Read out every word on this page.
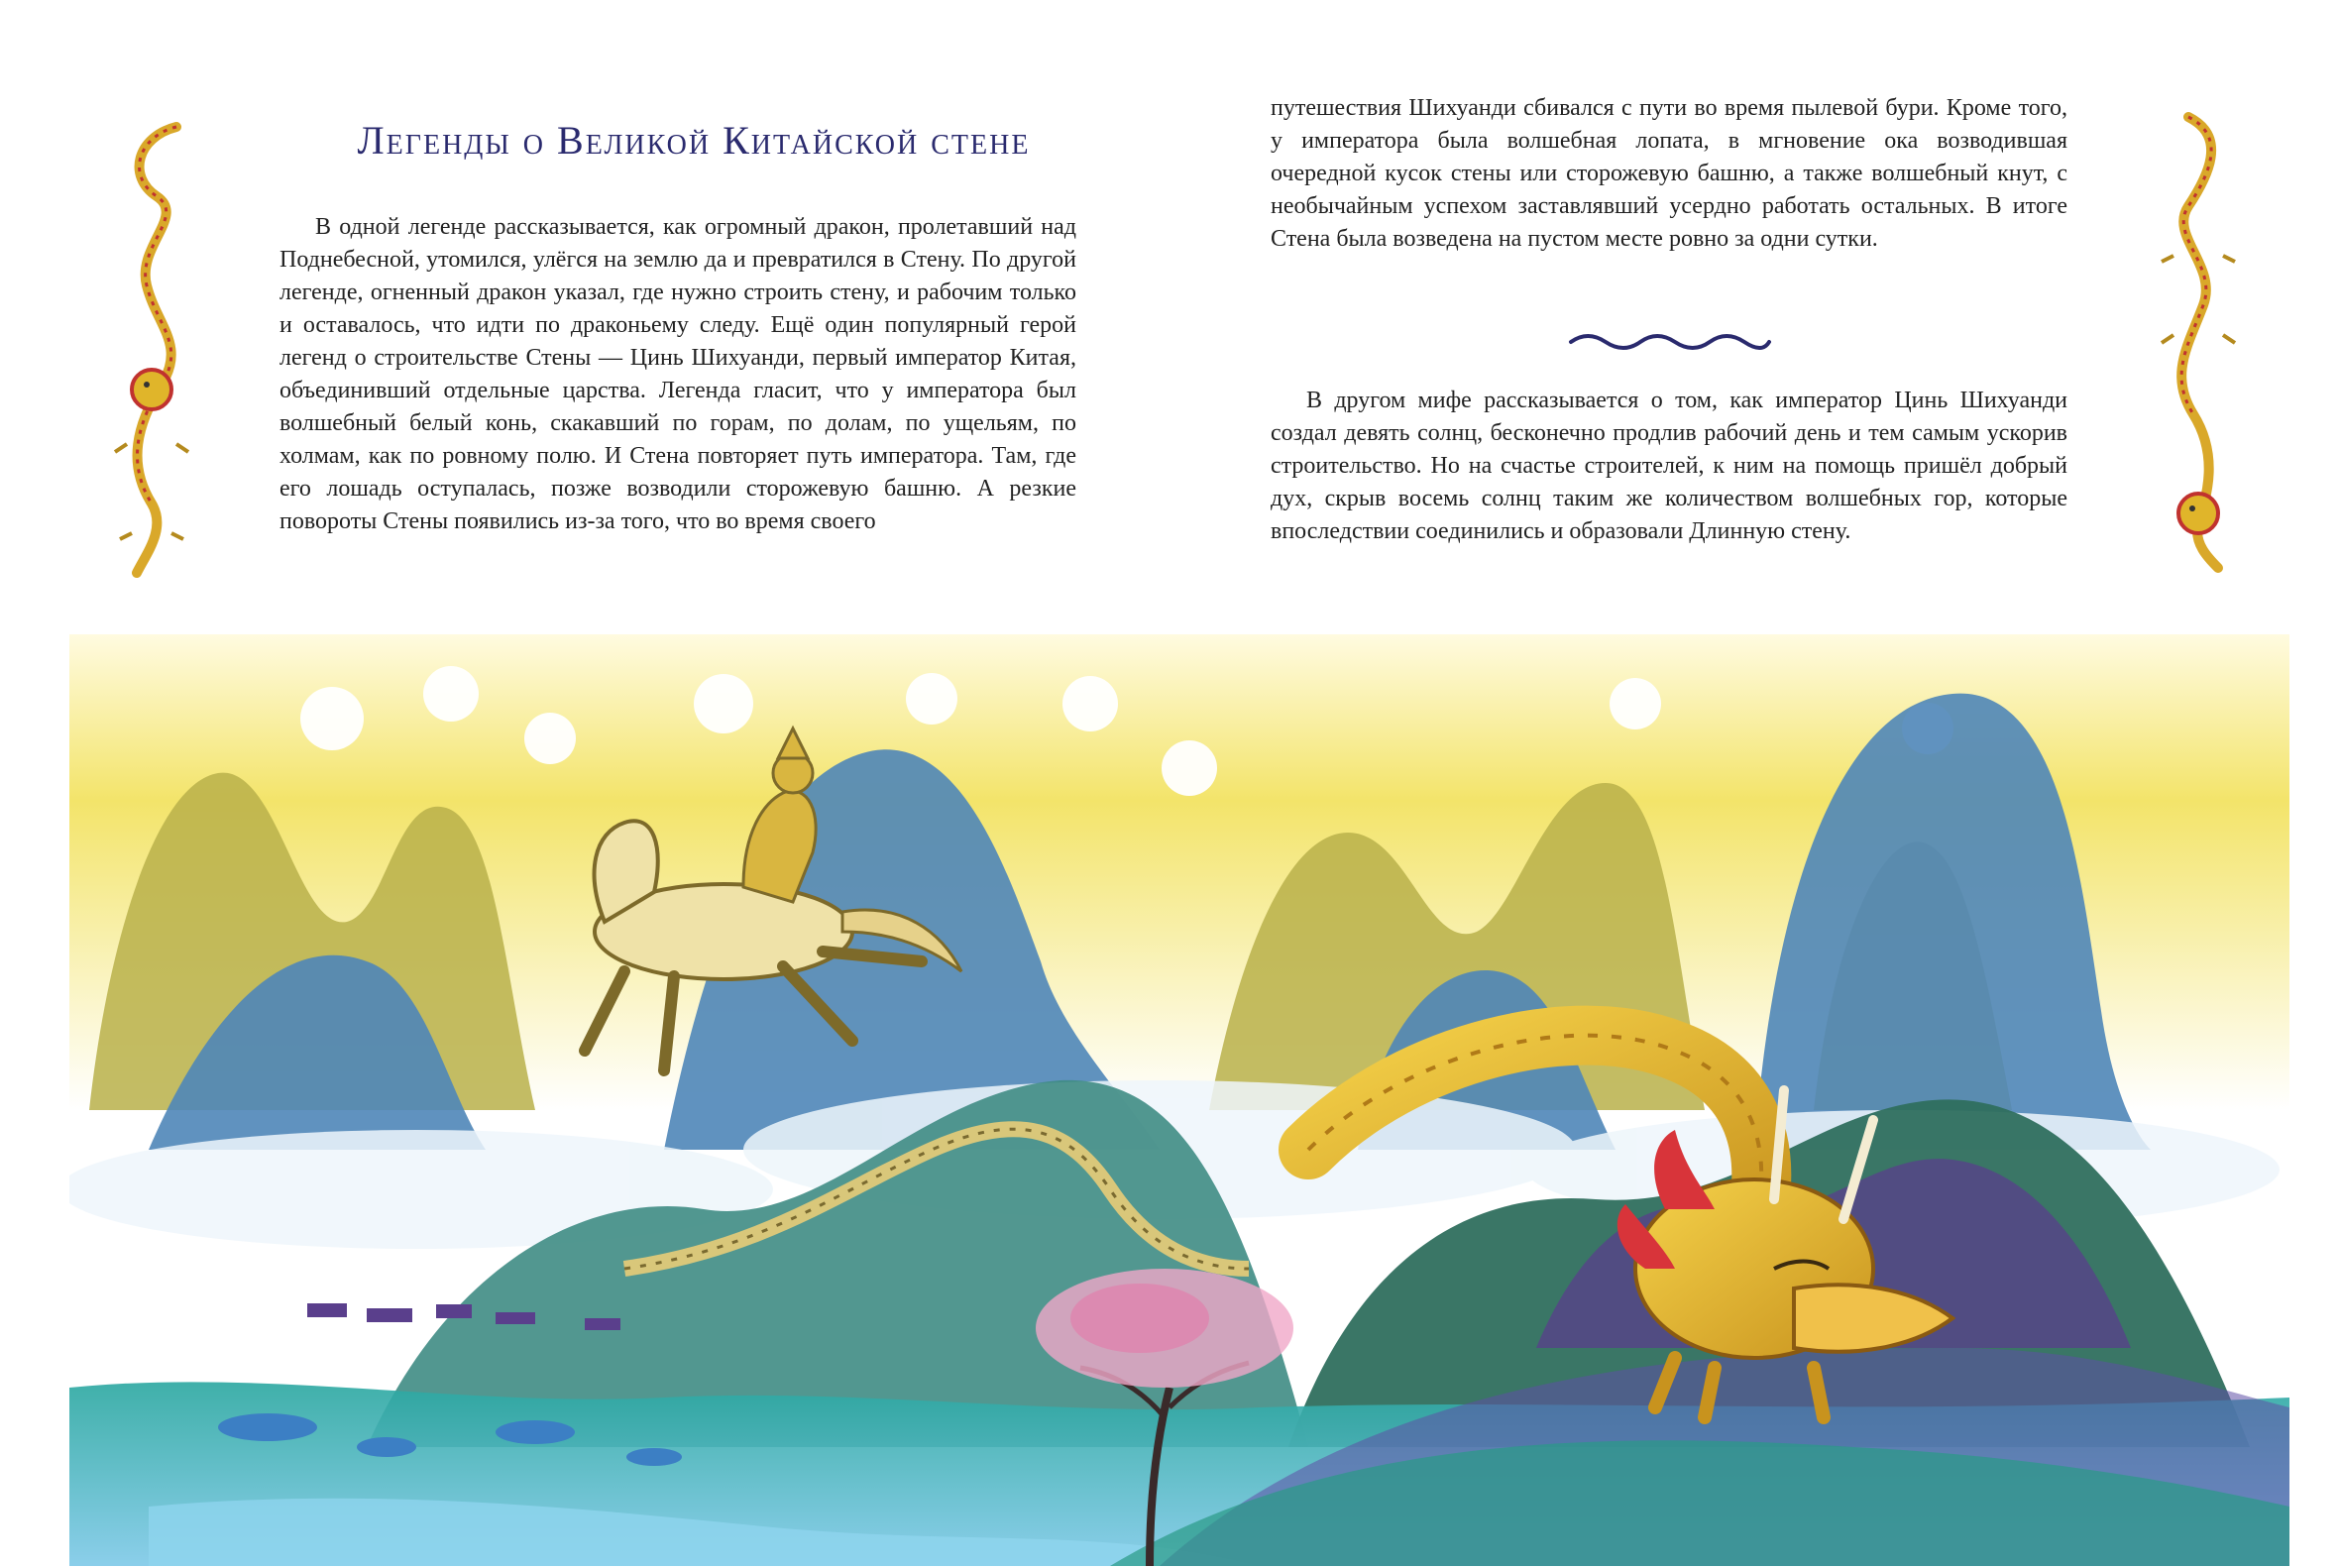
Легенды о Великой Китайской стене

В одной легенде рассказывается, как огромный дракон, пролетавший над Поднебесной, утомился, улёгся на землю да и превратился в Стену. По другой легенде, огненный дракон указал, где нужно строить стену, и рабочим только и оставалось, что идти по драконьему следу. Ещё один популярный герой легенд о строительстве Стены — Цинь Шихуанди, первый император Китая, объединивший отдельные царства. Легенда гласит, что у императора был волшебный белый конь, скакавший по горам, по долам, по ущельям, по холмам, как по ровному полю. И Стена повторяет путь императора. Там, где его лошадь оступалась, позже возводили сторожевую башню. А резкие повороты Стены появились из-за того, что во время своего

путешествия Шихуанди сбивался с пути во время пылевой бури. Кроме того, у императора была волшебная лопата, в мгновение ока возводившая очередной кусок стены или сторожевую башню, а также волшебный кнут, с необычайным успехом заставлявший усердно работать остальных. В итоге Стена была возведена на пустом месте ровно за одни сутки.

В другом мифе рассказывается о том, как император Цинь Шихуанди создал девять солнц, бесконечно продлив рабочий день и тем самым ускорив строительство. Но на счастье строителей, к ним на помощь пришёл добрый дух, скрыв восемь солнц таким же количеством волшебных гор, которые впоследствии соединились и образовали Длинную стену.
